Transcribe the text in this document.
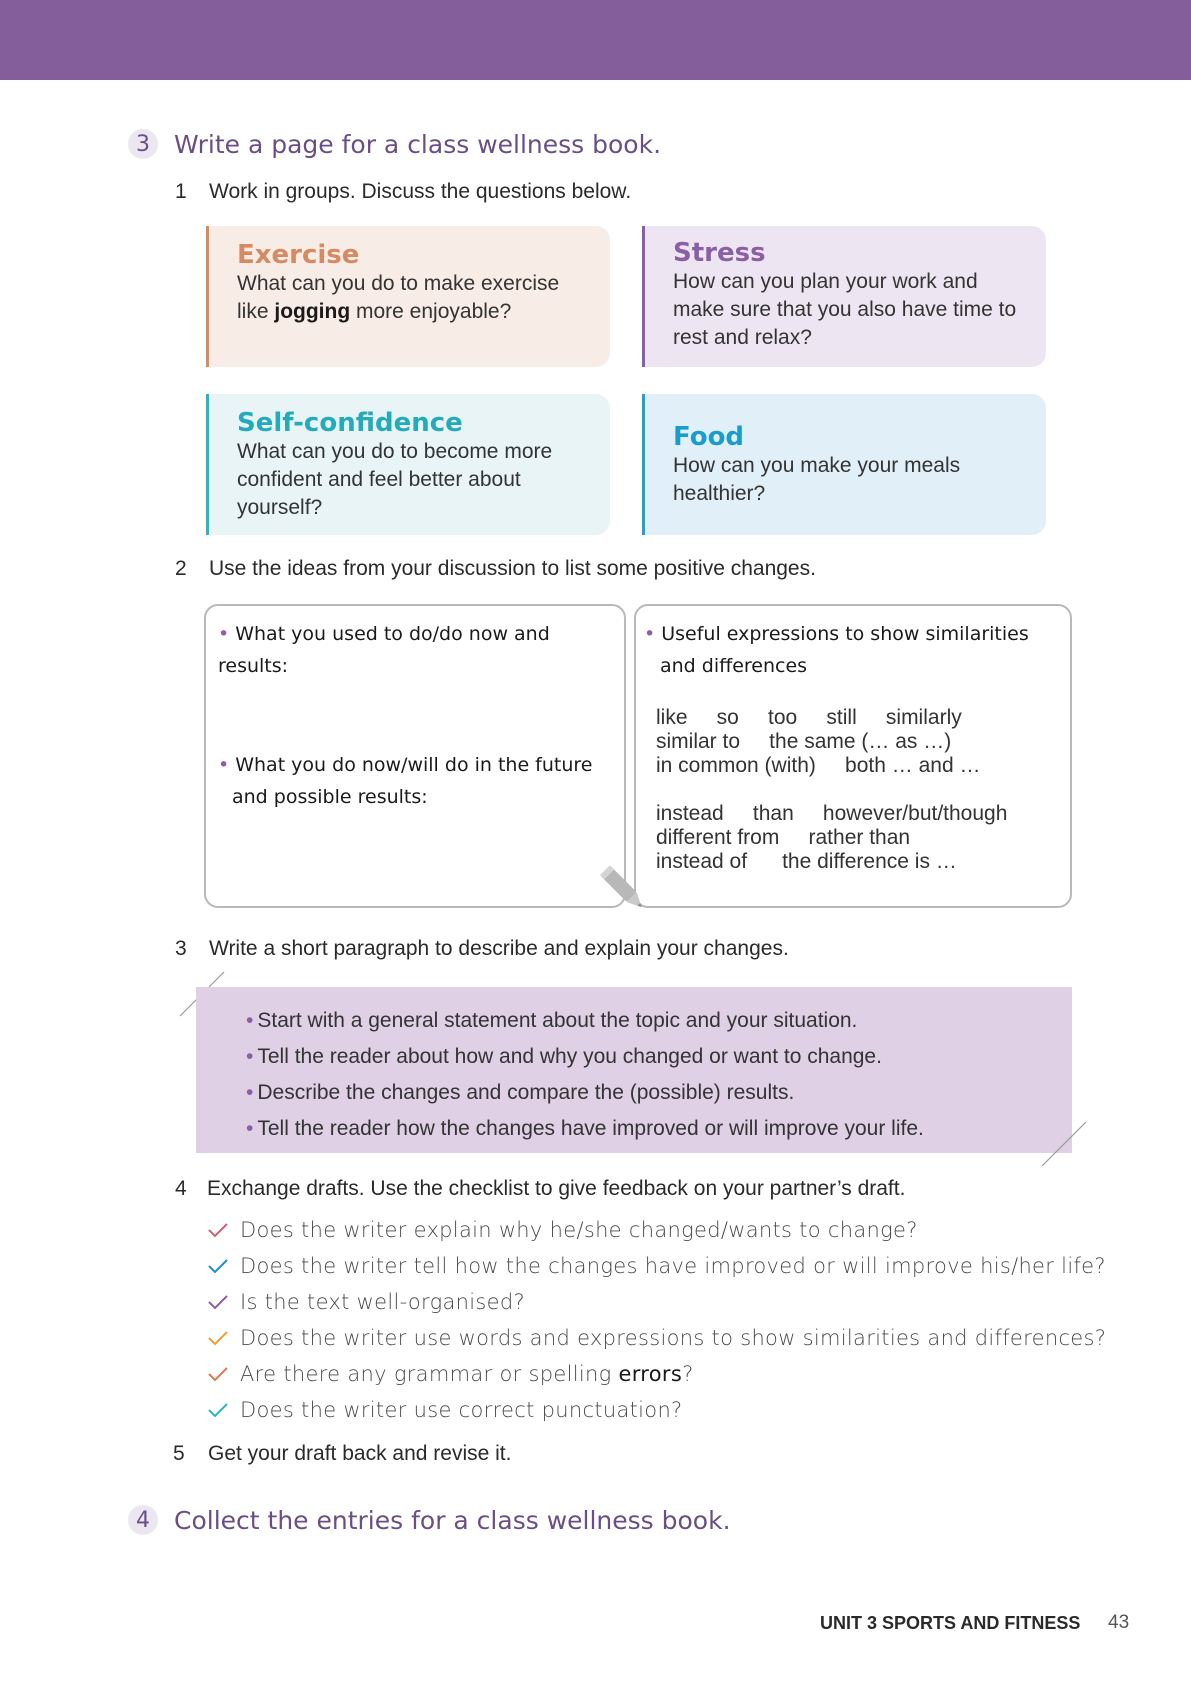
3 Write a page for a class wellness book.
1 Work in groups. Discuss the questions below.
Exercise
What can you do to make exercise like jogging more enjoyable?
Stress
How can you plan your work and make sure that you also have time to rest and relax?
Self-confidence
What can you do to become more confident and feel better about yourself?
Food
How can you make your meals healthier?
2 Use the ideas from your discussion to list some positive changes.
• What you used to do/do now and results:
• What you do now/will do in the future
and possible results:
• Useful expressions to show similarities
and differences
like     so     too     still     similarly
similar to     the same (… as …)
in common (with)     both … and …
instead     than     however/but/though
different from     rather than
instead of      the difference is …
3 Write a short paragraph to describe and explain your changes.
• Start with a general statement about the topic and your situation.
• Tell the reader about how and why you changed or want to change.
• Describe the changes and compare the (possible) results.
• Tell the reader how the changes have improved or will improve your life.
4 Exchange drafts. Use the checklist to give feedback on your partner’s draft.
Does the writer explain why he/she changed/wants to change?
Does the writer tell how the changes have improved or will improve his/her life?
Is the text well-organised?
Does the writer use words and expressions to show similarities and differences?
Are there any grammar or spelling errors?
Does the writer use correct punctuation?
5 Get your draft back and revise it.
4 Collect the entries for a class wellness book.
UNIT 3 SPORTS AND FITNESS 43
